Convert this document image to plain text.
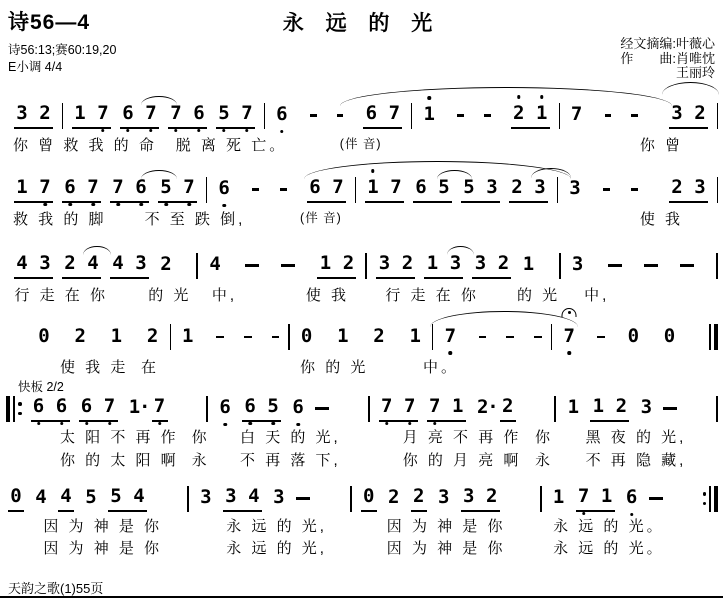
诗56—4	永 远 的 光
诗56:13;赛60:19,20
E小调 4/4
经文摘编:叶薇心
作　　曲:肖唯忱
王丽玲
快板 2/2
3 2 1 7 6 7 7 6 5 7 6	6 7 1	2 1 7	3 2
你 曾 救 我 的 命 脱 离 死 亡。	(伴 音)	你 曾
1 7 6 7 7 6 5 7 6	6 7 1 7 6 5 5 3 2 3 3	2 3
救 我 的 脚	不 至 跌 倒,	(伴 音)	使 我
4 3 2 4 4 3 2 4	1 2 3 2 1 3 3 2 1 3
行 走 在 你	的 光 中,	使 我 行 走 在 你	的 光 中,
0 2 1 2 1	0 1 2 1 7	7	0 0
使 我 走 在	你 的 光	中。
6 6 6 7 1
· 7	6 6 5 6	7 7 7 1 2
· 2	1 1 2 3
太 阳 不 再 作 你 白 天 的 光,	月 亮 不 再 作 你 黑 夜 的 光,
你 的 太 阳 啊 永 不 再 落 下,	你 的 月 亮 啊 永 不 再 隐 藏,
0 4 4 5 5 4	3 3 4 3	0 2 2 3 3 2	1 7 1 6
因 为 神 是 你	永 远 的 光,	因 为 神 是 你	永 远 的 光。
因 为 神 是 你	永 远 的 光,	因 为 神 是 你	永 远 的 光。
天韵之歌(1)55页
